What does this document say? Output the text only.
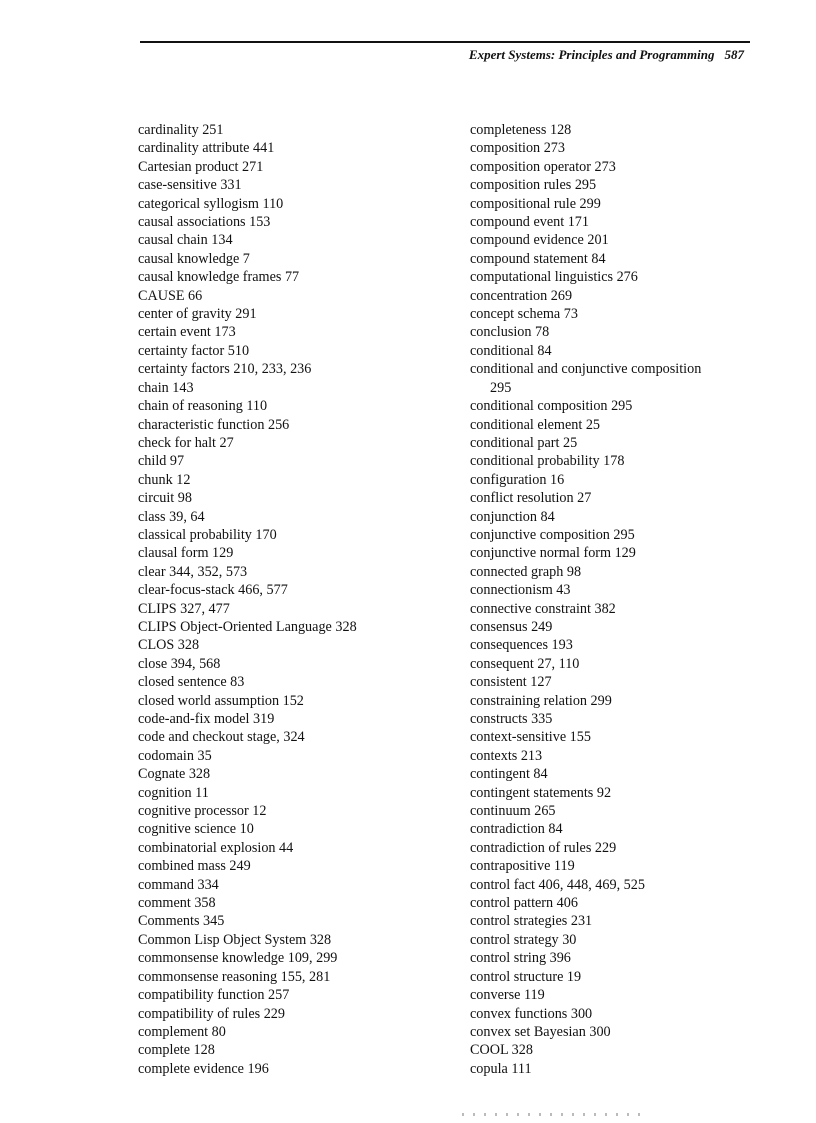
Expert Systems: Principles and Programming 587
cardinality 251
cardinality attribute 441
Cartesian product 271
case-sensitive 331
categorical syllogism 110
causal associations 153
causal chain 134
causal knowledge 7
causal knowledge frames 77
CAUSE 66
center of gravity 291
certain event 173
certainty factor 510
certainty factors 210, 233, 236
chain 143
chain of reasoning 110
characteristic function 256
check for halt 27
child 97
chunk 12
circuit 98
class 39, 64
classical probability 170
clausal form 129
clear 344, 352, 573
clear-focus-stack 466, 577
CLIPS 327, 477
CLIPS Object-Oriented Language 328
CLOS 328
close 394, 568
closed sentence 83
closed world assumption 152
code-and-fix model 319
code and checkout stage, 324
codomain 35
Cognate 328
cognition 11
cognitive processor 12
cognitive science 10
combinatorial explosion 44
combined mass 249
command 334
comment 358
Comments 345
Common Lisp Object System 328
commonsense knowledge 109, 299
commonsense reasoning 155, 281
compatibility function 257
compatibility of rules 229
complement 80
complete 128
complete evidence 196
completeness 128
composition 273
composition operator 273
composition rules 295
compositional rule 299
compound event 171
compound evidence 201
compound statement 84
computational linguistics 276
concentration 269
concept schema 73
conclusion 78
conditional 84
conditional and conjunctive composition
295
conditional composition 295
conditional element 25
conditional part 25
conditional probability 178
configuration 16
conflict resolution 27
conjunction 84
conjunctive composition 295
conjunctive normal form 129
connected graph 98
connectionism 43
connective constraint 382
consensus 249
consequences 193
consequent 27, 110
consistent 127
constraining relation 299
constructs 335
context-sensitive 155
contexts 213
contingent 84
contingent statements 92
continuum 265
contradiction 84
contradiction of rules 229
contrapositive 119
control fact 406, 448, 469, 525
control pattern 406
control strategies 231
control strategy 30
control string 396
control structure 19
converse 119
convex functions 300
convex set Bayesian 300
COOL 328
copula 111
